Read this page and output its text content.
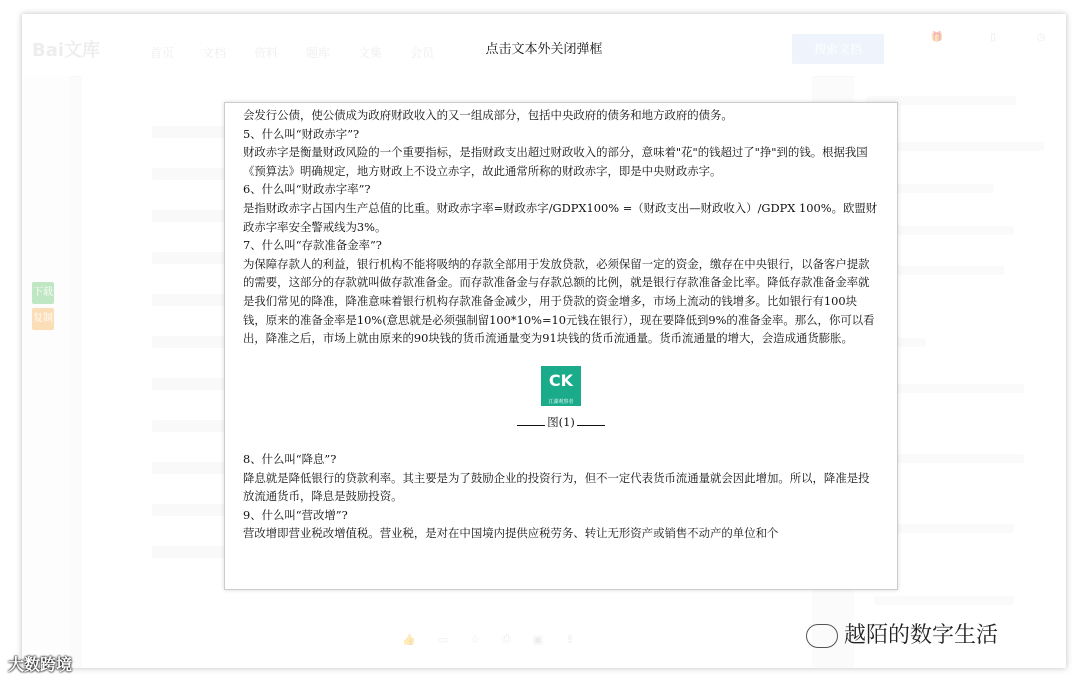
点击文本外关闭弹框

会发行公债，使公债成为政府财政收入的又一组成部分，包括中央政府的债务和地方政府的债务。

5、什么叫“财政赤字”?

财政赤字是衡量财政风险的一个重要指标，是指财政支出超过财政收入的部分，意味着"花"的钱超过了"挣"到的钱。根据我国《预算法》明确规定，地方财政上不设立赤字，故此通常所称的财政赤字，即是中央财政赤字。

6、什么叫“财政赤字率”?

是指财政赤字占国内生产总值的比重。财政赤字率=财政赤字/GDPX100% =（财政支出—财政收入）/GDPX 100%。欧盟财政赤字率安全警戒线为3%。

7、什么叫“存款准备金率”?

为保障存款人的利益，银行机构不能将吸纳的存款全部用于发放贷款，必须保留一定的资金，缴存在中央银行，以备客户提款的需要，这部分的存款就叫做存款准备金。而存款准备金与存款总额的比例，就是银行存款准备金比率。降低存款准备金率就是我们常见的降准，降准意味着银行机构存款准备金减少，用于贷款的资金增多，市场上流动的钱增多。比如银行有100块钱，原来的准备金率是10%(意思就是必须强制留100*10%=10元钱在银行），现在要降低到9%的准备金率。那么，你可以看出，降准之后，市场上就由原来的90块钱的货币流通量变为91块钱的货币流通量。货币流通量的增大，会造成通货膨胀。

CK
江湖观察者
图(1)

8、什么叫“降息”?

降息就是降低银行的贷款利率。其主要是为了鼓励企业的投资行为，但不一定代表货币流通量就会因此增加。所以，降准是投放流通货币，降息是鼓励投资。

9、什么叫“营改增”?

营改增即营业税改增值税。营业税，是对在中国境内提供应税劳务、转让无形资产或销售不动产的单位和个

越陌的数字生活
大数跨境
